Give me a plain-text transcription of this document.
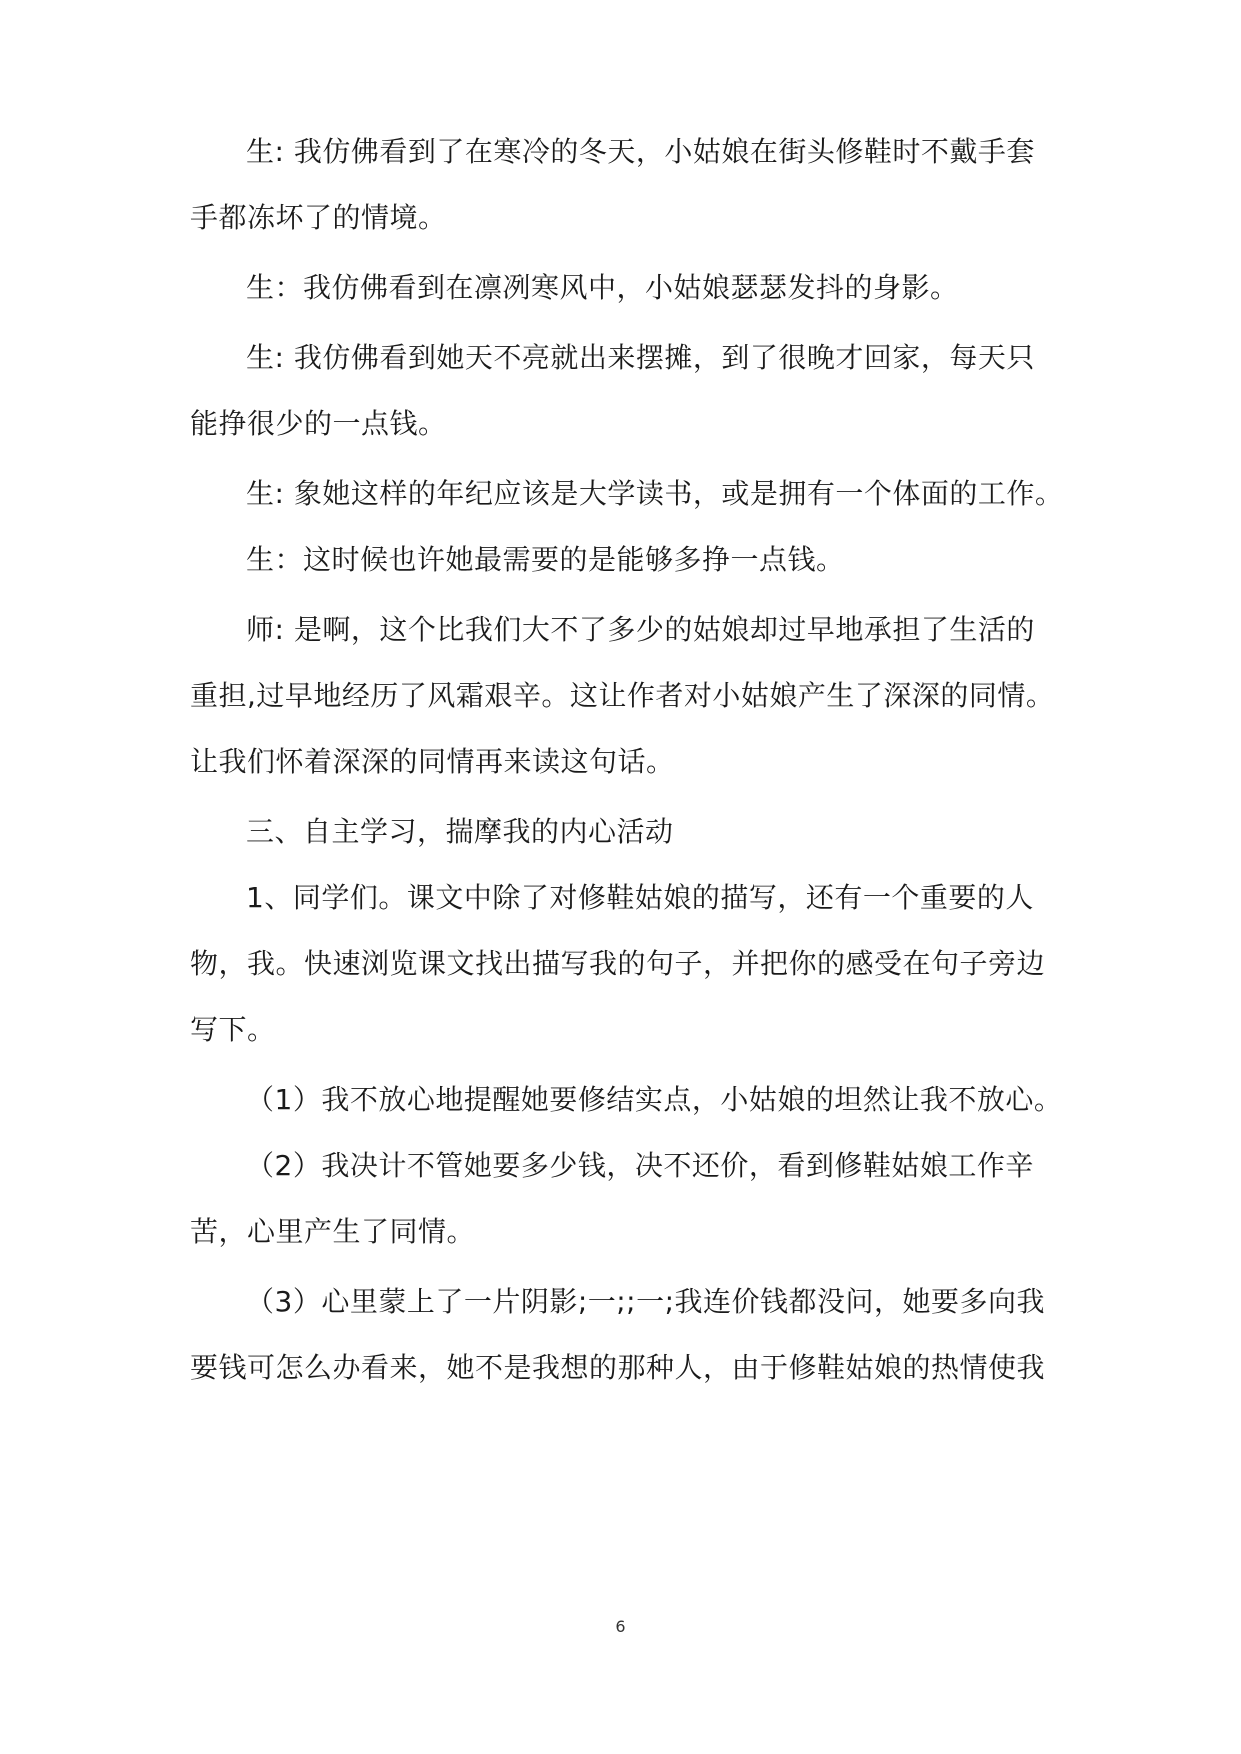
生: 我仿佛看到了在寒冷的冬天，小姑娘在街头修鞋时不戴手套
手都冻坏了的情境。
生：我仿佛看到在凛冽寒风中，小姑娘瑟瑟发抖的身影。
生: 我仿佛看到她天不亮就出来摆摊，到了很晚才回家，每天只
能挣很少的一点钱。
生: 象她这样的年纪应该是大学读书，或是拥有一个体面的工作。
生：这时候也许她最需要的是能够多挣一点钱。
师: 是啊，这个比我们大不了多少的姑娘却过早地承担了生活的
重担,过早地经历了风霜艰辛。这让作者对小姑娘产生了深深的同情。
让我们怀着深深的同情再来读这句话。
三、自主学习，揣摩我的内心活动
1、同学们。课文中除了对修鞋姑娘的描写，还有一个重要的人
物，我。快速浏览课文找出描写我的句子，并把你的感受在句子旁边
写下。
（1）我不放心地提醒她要修结实点，小姑娘的坦然让我不放心。
（2）我决计不管她要多少钱，决不还价，看到修鞋姑娘工作辛
苦，心里产生了同情。
（3）心里蒙上了一片阴影;一;;一;我连价钱都没问，她要多向我
要钱可怎么办看来，她不是我想的那种人，由于修鞋姑娘的热情使我
6
